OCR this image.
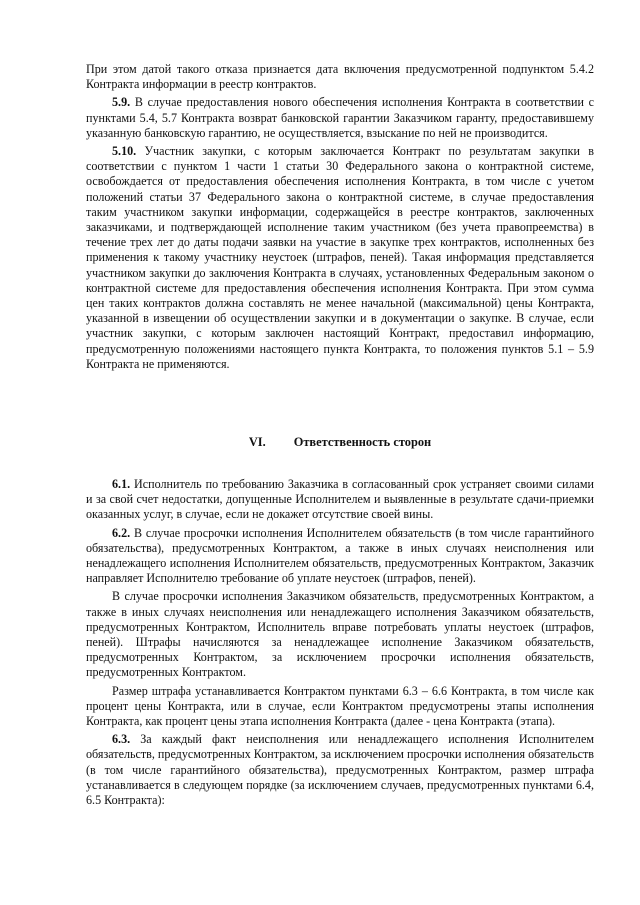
При этом датой такого отказа признается дата включения предусмотренной подпунктом 5.4.2 Контракта информации в реестр контрактов.

5.9. В случае предоставления нового обеспечения исполнения Контракта в соответствии с пунктами 5.4, 5.7 Контракта возврат банковской гарантии Заказчиком гаранту, предоставившему указанную банковскую гарантию, не осуществляется, взыскание по ней не производится.

5.10. Участник закупки, с которым заключается Контракт по результатам закупки в соответствии с пунктом 1 части 1 статьи 30 Федерального закона о контрактной системе, освобождается от предоставления обеспечения исполнения Контракта, в том числе с учетом положений статьи 37 Федерального закона о контрактной системе, в случае предоставления таким участником закупки информации, содержащейся в реестре контрактов, заключенных заказчиками, и подтверждающей исполнение таким участником (без учета правопреемства) в течение трех лет до даты подачи заявки на участие в закупке трех контрактов, исполненных без применения к такому участнику неустоек (штрафов, пеней). Такая информация представляется участником закупки до заключения Контракта в случаях, установленных Федеральным законом о контрактной системе для предоставления обеспечения исполнения Контракта. При этом сумма цен таких контрактов должна составлять не менее начальной (максимальной) цены Контракта, указанной в извещении об осуществлении закупки и в документации о закупке. В случае, если участник закупки, с которым заключен настоящий Контракт, предоставил информацию, предусмотренную положениями настоящего пункта Контракта, то положения пунктов 5.1 – 5.9 Контракта не применяются.

VI. Ответственность сторон

6.1. Исполнитель по требованию Заказчика в согласованный срок устраняет своими силами и за свой счет недостатки, допущенные Исполнителем и выявленные в результате сдачи-приемки оказанных услуг, в случае, если не докажет отсутствие своей вины.

6.2. В случае просрочки исполнения Исполнителем обязательств (в том числе гарантийного обязательства), предусмотренных Контрактом, а также в иных случаях неисполнения или ненадлежащего исполнения Исполнителем обязательств, предусмотренных Контрактом, Заказчик направляет Исполнителю требование об уплате неустоек (штрафов, пеней).

В случае просрочки исполнения Заказчиком обязательств, предусмотренных Контрактом, а также в иных случаях неисполнения или ненадлежащего исполнения Заказчиком обязательств, предусмотренных Контрактом, Исполнитель вправе потребовать уплаты неустоек (штрафов, пеней). Штрафы начисляются за ненадлежащее исполнение Заказчиком обязательств, предусмотренных Контрактом, за исключением просрочки исполнения обязательств, предусмотренных Контрактом.

Размер штрафа устанавливается Контрактом пунктами 6.3 – 6.6 Контракта, в том числе как процент цены Контракта, или в случае, если Контрактом предусмотрены этапы исполнения Контракта, как процент цены этапа исполнения Контракта (далее - цена Контракта (этапа).

6.3. За каждый факт неисполнения или ненадлежащего исполнения Исполнителем обязательств, предусмотренных Контрактом, за исключением просрочки исполнения обязательств (в том числе гарантийного обязательства), предусмотренных Контрактом, размер штрафа устанавливается в следующем порядке (за исключением случаев, предусмотренных пунктами 6.4, 6.5 Контракта):
